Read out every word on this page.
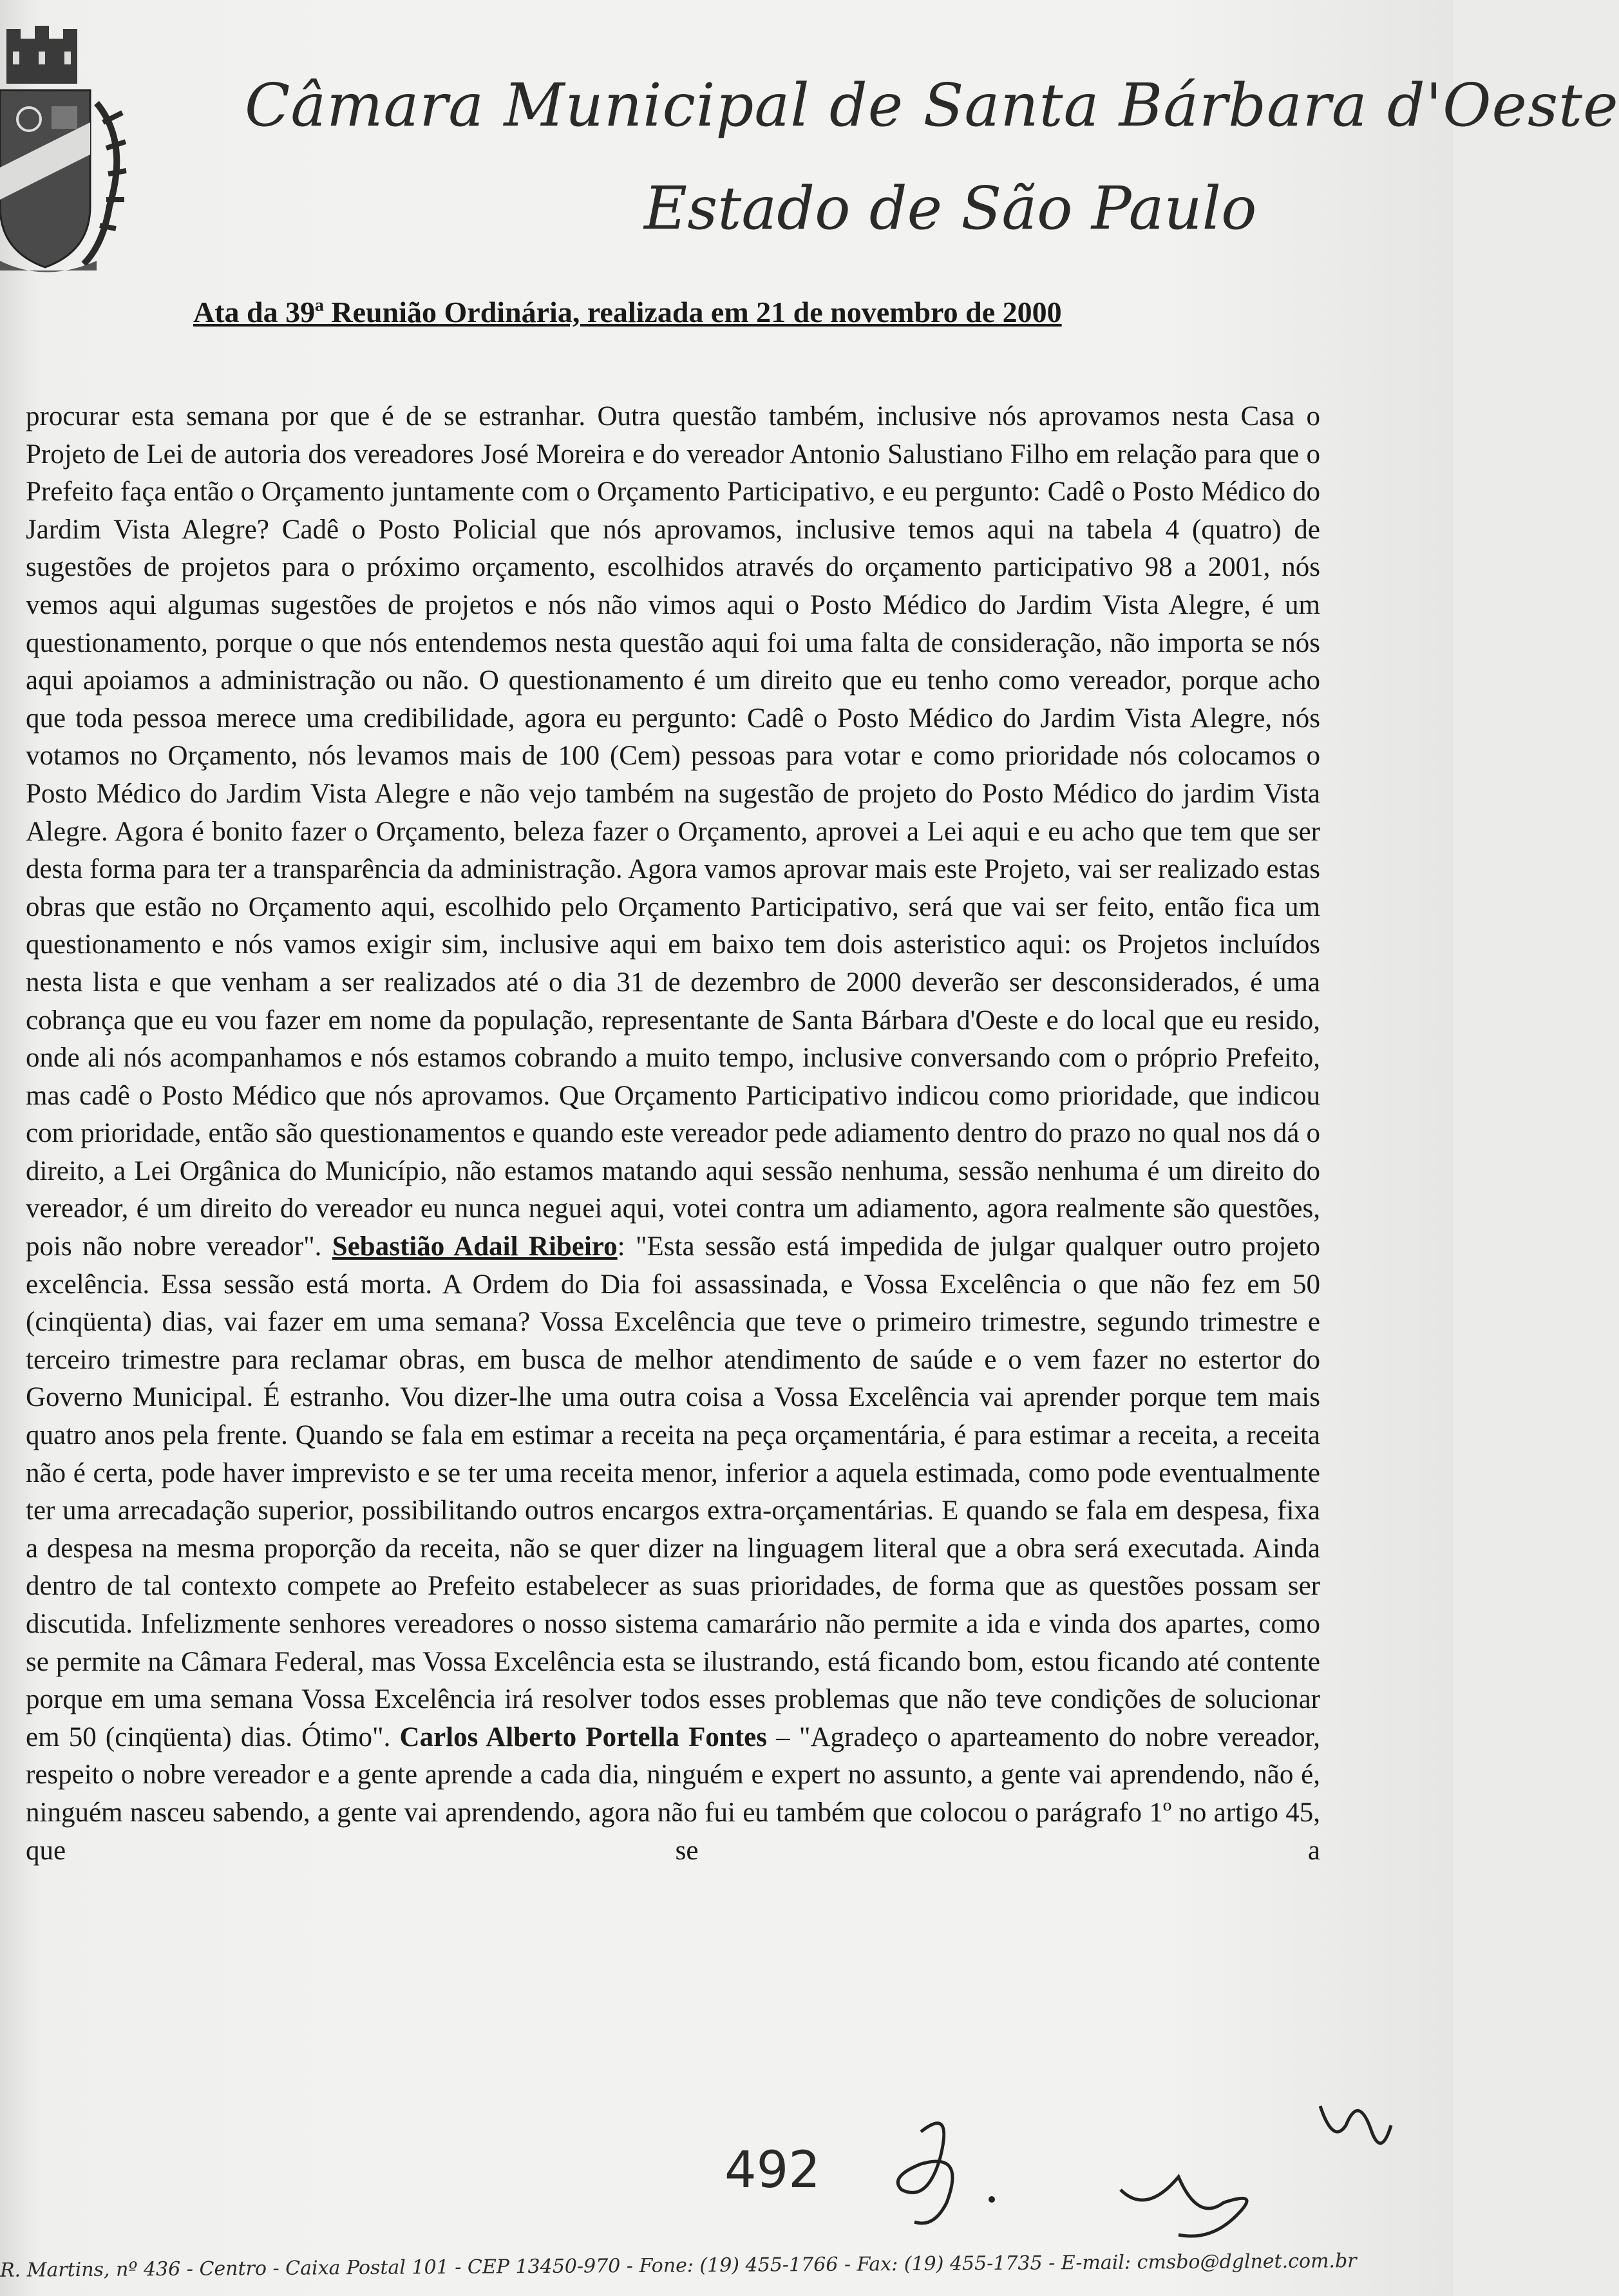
Câmara Municipal de Santa Bárbara d'Oeste
Estado de São Paulo
Ata da 39ª Reunião Ordinária, realizada em 21 de novembro de 2000

procurar esta semana por que é de se estranhar. Outra questão também, inclusive nós aprovamos nesta Casa o Projeto de Lei de autoria dos vereadores José Moreira e do vereador Antonio Salustiano Filho em relação para que o Prefeito faça então o Orçamento juntamente com o Orçamento Participativo, e eu pergunto: Cadê o Posto Médico do Jardim Vista Alegre? Cadê o Posto Policial que nós aprovamos, inclusive temos aqui na tabela 4 (quatro) de sugestões de projetos para o próximo orçamento, escolhidos através do orçamento participativo 98 a 2001, nós vemos aqui algumas sugestões de projetos e nós não vimos aqui o Posto Médico do Jardim Vista Alegre, é um questionamento, porque o que nós entendemos nesta questão aqui foi uma falta de consideração, não importa se nós aqui apoiamos a administração ou não. O questionamento é um direito que eu tenho como vereador, porque acho que toda pessoa merece uma credibilidade, agora eu pergunto: Cadê o Posto Médico do Jardim Vista Alegre, nós votamos no Orçamento, nós levamos mais de 100 (Cem) pessoas para votar e como prioridade nós colocamos o Posto Médico do Jardim Vista Alegre e não vejo também na sugestão de projeto do Posto Médico do jardim Vista Alegre. Agora é bonito fazer o Orçamento, beleza fazer o Orçamento, aprovei a Lei aqui e eu acho que tem que ser desta forma para ter a transparência da administração. Agora vamos aprovar mais este Projeto, vai ser realizado estas obras que estão no Orçamento aqui, escolhido pelo Orçamento Participativo, será que vai ser feito, então fica um questionamento e nós vamos exigir sim, inclusive aqui em baixo tem dois asteristico aqui: os Projetos incluídos nesta lista e que venham a ser realizados até o dia 31 de dezembro de 2000 deverão ser desconsiderados, é uma cobrança que eu vou fazer em nome da população, representante de Santa Bárbara d'Oeste e do local que eu resido, onde ali nós acompanhamos e nós estamos cobrando a muito tempo, inclusive conversando com o próprio Prefeito, mas cadê o Posto Médico que nós aprovamos. Que Orçamento Participativo indicou como prioridade, que indicou com prioridade, então são questionamentos e quando este vereador pede adiamento dentro do prazo no qual nos dá o direito, a Lei Orgânica do Município, não estamos matando aqui sessão nenhuma, sessão nenhuma é um direito do vereador, é um direito do vereador eu nunca neguei aqui, votei contra um adiamento, agora realmente são questões, pois não nobre vereador". Sebastião Adail Ribeiro: "Esta sessão está impedida de julgar qualquer outro projeto excelência. Essa sessão está morta. A Ordem do Dia foi assassinada, e Vossa Excelência o que não fez em 50 (cinqüenta) dias, vai fazer em uma semana? Vossa Excelência que teve o primeiro trimestre, segundo trimestre e terceiro trimestre para reclamar obras, em busca de melhor atendimento de saúde e o vem fazer no estertor do Governo Municipal. É estranho. Vou dizer-lhe uma outra coisa a Vossa Excelência vai aprender porque tem mais quatro anos pela frente. Quando se fala em estimar a receita na peça orçamentária, é para estimar a receita, a receita não é certa, pode haver imprevisto e se ter uma receita menor, inferior a aquela estimada, como pode eventualmente ter uma arrecadação superior, possibilitando outros encargos extra-orçamentárias. E quando se fala em despesa, fixa a despesa na mesma proporção da receita, não se quer dizer na linguagem literal que a obra será executada. Ainda dentro de tal contexto compete ao Prefeito estabelecer as suas prioridades, de forma que as questões possam ser discutida. Infelizmente senhores vereadores o nosso sistema camarário não permite a ida e vinda dos apartes, como se permite na Câmara Federal, mas Vossa Excelência esta se ilustrando, está ficando bom, estou ficando até contente porque em uma semana Vossa Excelência irá resolver todos esses problemas que não teve condições de solucionar em 50 (cinqüenta) dias. Ótimo". Carlos Alberto Portella Fontes – "Agradeço o aparteamento do nobre vereador, respeito o nobre vereador e a gente aprende a cada dia, ninguém e expert no assunto, a gente vai aprendendo, não é, ninguém nasceu sabendo, a gente vai aprendendo, agora não fui eu também que colocou o parágrafo 1º no artigo 45, que se a

492
R. Martins, nº 436 - Centro - Caixa Postal 101 - CEP 13450-970 - Fone: (19) 455-1766 - Fax: (19) 455-1735 - E-mail: cmsbo@dglnet.com.br
